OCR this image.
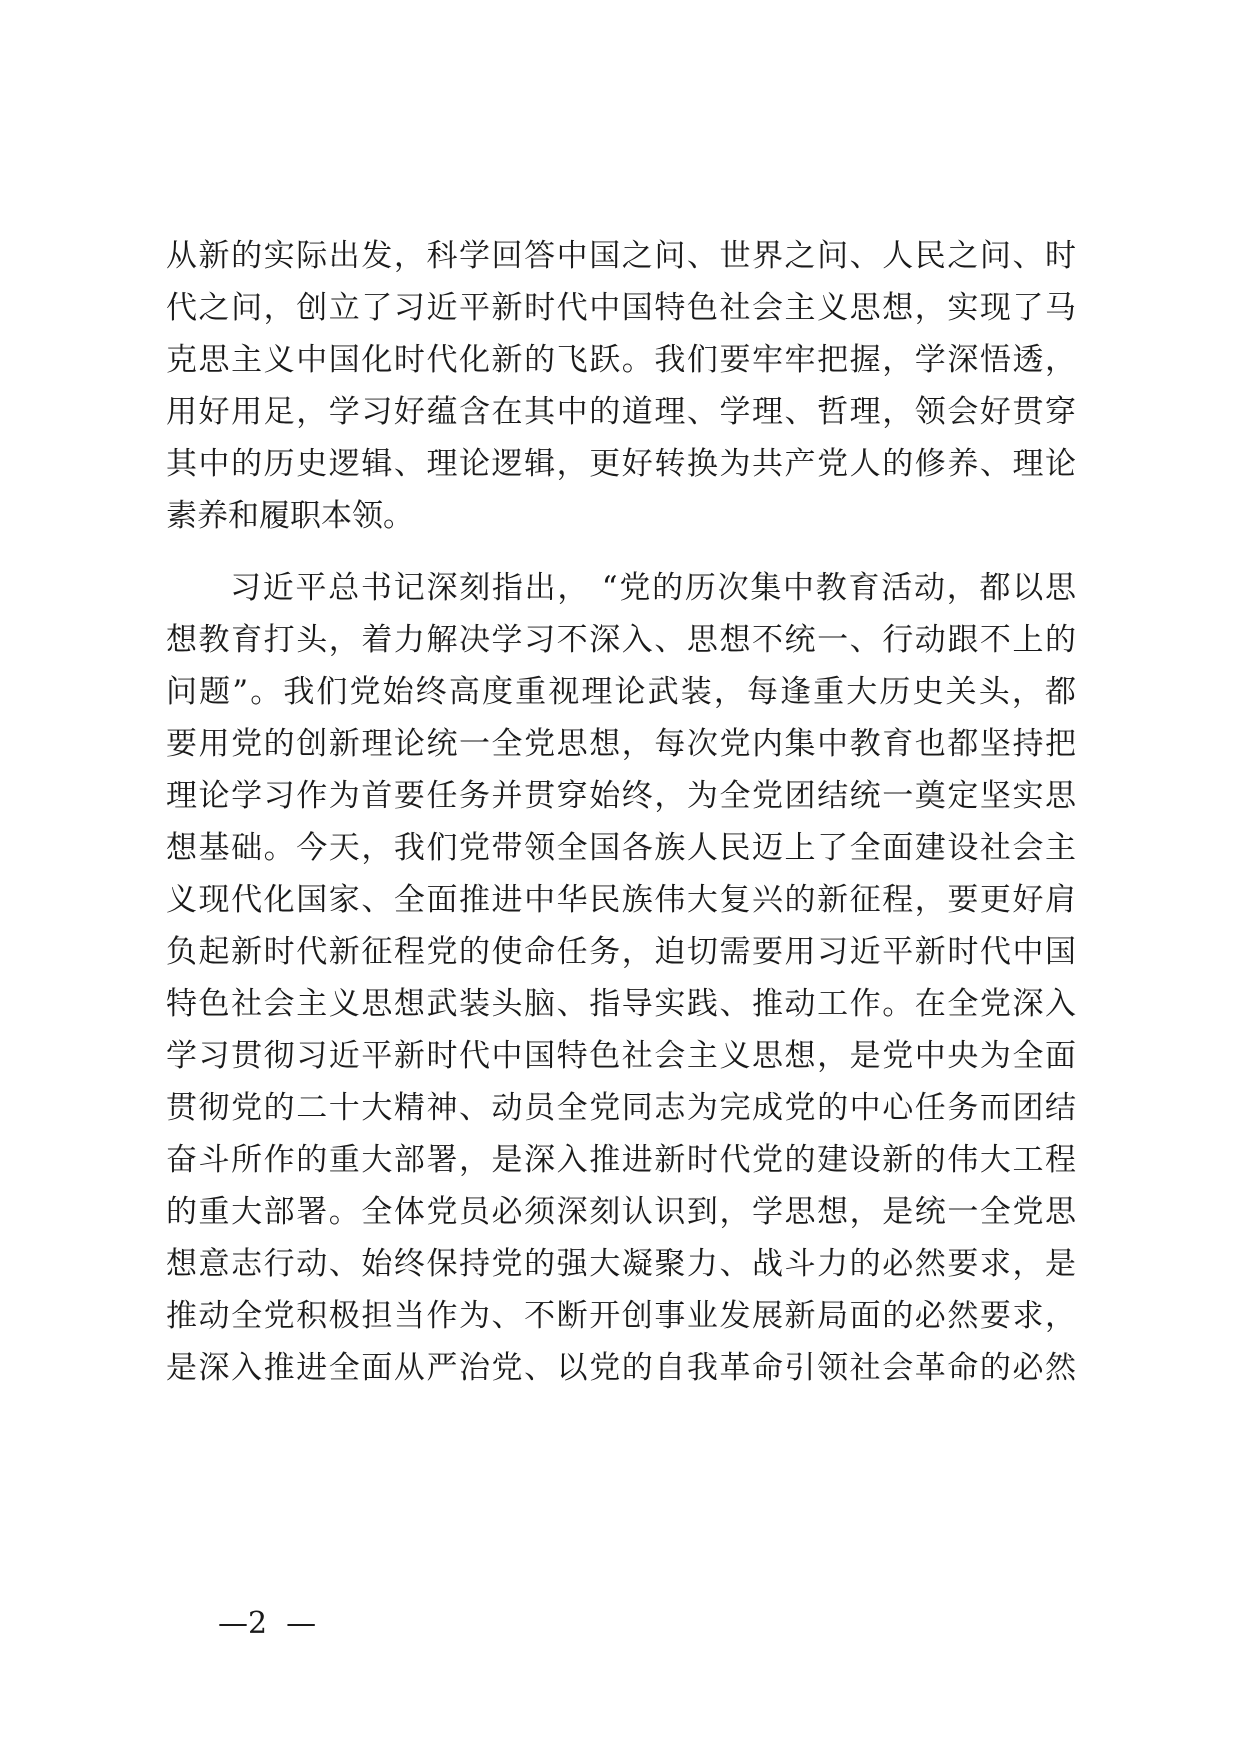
从新的实际出发，科学回答中国之问、世界之问、人民之问、时
代之问，创立了习近平新时代中国特色社会主义思想，实现了马
克思主义中国化时代化新的飞跃。我们要牢牢把握，学深悟透，
用好用足，学习好蕴含在其中的道理、学理、哲理，领会好贯穿
其中的历史逻辑、理论逻辑，更好转换为共产党人的修养、理论
素养和履职本领。
习近平总书记深刻指出， “党的历次集中教育活动，都以思
想教育打头，着力解决学习不深入、思想不统一、行动跟不上的
问题”。我们党始终高度重视理论武装，每逢重大历史关头，都
要用党的创新理论统一全党思想，每次党内集中教育也都坚持把
理论学习作为首要任务并贯穿始终，为全党团结统一奠定坚实思
想基础。今天，我们党带领全国各族人民迈上了全面建设社会主
义现代化国家、全面推进中华民族伟大复兴的新征程，要更好肩
负起新时代新征程党的使命任务，迫切需要用习近平新时代中国
特色社会主义思想武装头脑、指导实践、推动工作。在全党深入
学习贯彻习近平新时代中国特色社会主义思想，是党中央为全面
贯彻党的二十大精神、动员全党同志为完成党的中心任务而团结
奋斗所作的重大部署，是深入推进新时代党的建设新的伟大工程
的重大部署。全体党员必须深刻认识到，学思想，是统一全党思
想意志行动、始终保持党的强大凝聚力、战斗力的必然要求，是
推动全党积极担当作为、不断开创事业发展新局面的必然要求，
是深入推进全面从严治党、以党的自我革命引领社会革命的必然
—2  —
